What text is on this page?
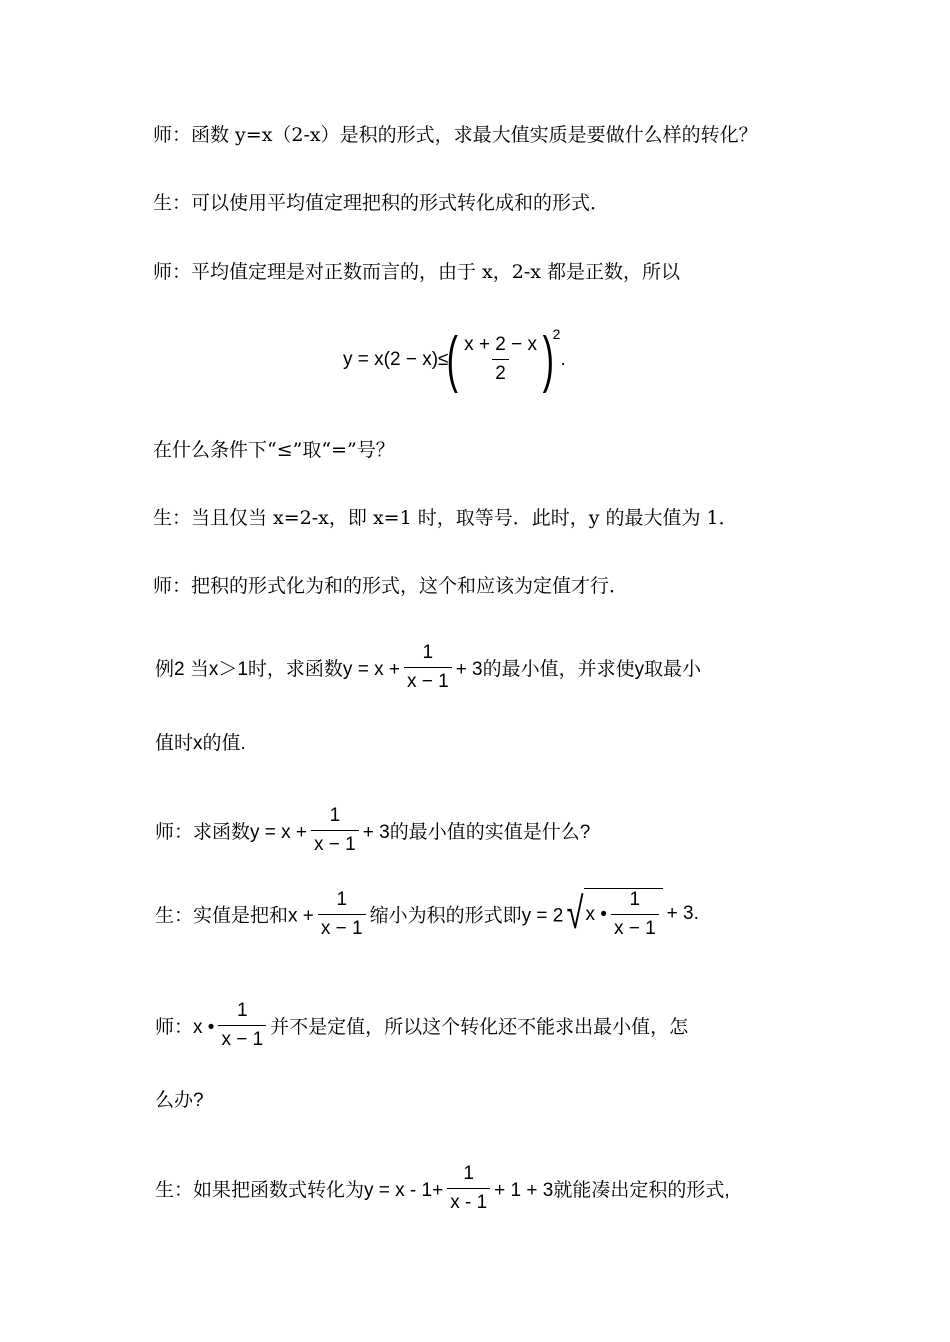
师：函数 y=x（2-x）是积的形式，求最大值实质是要做什么样的转化？
生：可以使用平均值定理把积的形式转化成和的形式．
师：平均值定理是对正数而言的，由于 x，2-x 都是正数，所以
$y = x(2 - x)\le( \frac{x + 2 - x}{2} )^2$.
在什么条件下“≤”取“=”号？
生：当且仅当 x=2-x，即 x=1 时，取等号．此时，y 的最大值为 1．
师：把积的形式化为和的形式，这个和应该为定值才行．
例2 当x＞1时，求函数$y = x + \frac{1}{x - 1} + 3$的最小值，并求使y取最小
值时x的值.
师：求函数$y = x + \frac{1}{x - 1} + 3$的最小值的实值是什么?
生：实值是把和$x + \frac{1}{x - 1}$ 缩小为积的形式即y = 2 √ x • $\frac{1}{x - 1} + 3$.
师：x • $\frac{1}{x - 1}$ 并不是定值，所以这个转化还不能求出最小值，怎
么办?
生：如果把函数式转化为$y = x - 1+ \frac{1}{x - 1} + 1 + 3$就能凑出定积的形式,
